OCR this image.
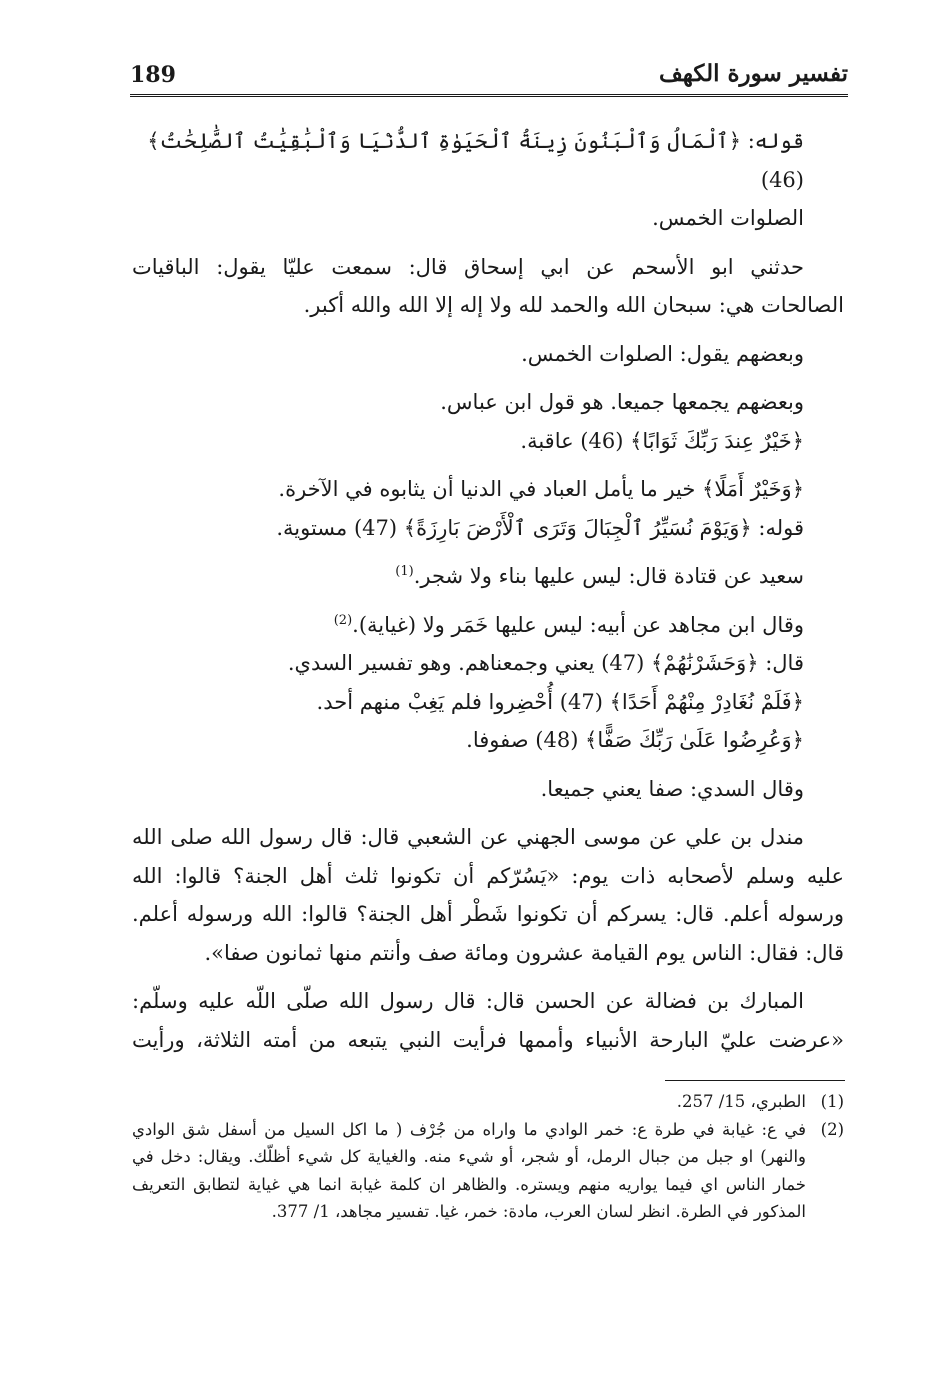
189	تفسير سورة الكهف

قوله: ﴿ٱلْمَالُ وَٱلْبَنُونَ زِينَةُ ٱلْحَيَوٰةِ ٱلدُّنْيَا وَٱلْبَٰقِيَٰتُ ٱلصَّٰلِحَٰتُ﴾ (46)

الصلوات الخمس.

حدثني ابو الأسحم عن ابي إسحاق قال: سمعت عليّا يقول: الباقيات

الصالحات هي: سبحان الله والحمد لله ولا إله إلا الله والله أكبر.

وبعضهم يقول: الصلوات الخمس.

وبعضهم يجمعها جميعا. هو قول ابن عباس.

﴿خَيْرٌ عِندَ رَبِّكَ ثَوَابًا﴾ (46) عاقبة.

﴿وَخَيْرٌ أَمَلًا﴾ خير ما يأمل العباد في الدنيا أن يثابوه في الآخرة.

قوله: ﴿وَيَوْمَ نُسَيِّرُ ٱلْجِبَالَ وَتَرَى ٱلْأَرْضَ بَارِزَةً﴾ (47) مستوية.

سعيد عن قتادة قال: ليس عليها بناء ولا شجر.$^{(1)}$

وقال ابن مجاهد عن أبيه: ليس عليها خَمَر ولا (غياية).$^{(2)}$

قال: ﴿وَحَشَرْنَٰهُمْ﴾ (47) يعني وجمعناهم. وهو تفسير السدي.

﴿فَلَمْ نُغَادِرْ مِنْهُمْ أَحَدًا﴾ (47) أُحْضِروا فلم يَغِبْ منهم أحد.

﴿وَعُرِضُوا عَلَىٰ رَبِّكَ صَفًّا﴾ (48) صفوفا.

وقال السدي: صفا يعني جميعا.

مندل بن علي عن موسى الجهني عن الشعبي قال: قال رسول الله صلى الله

عليه وسلم لأصحابه ذات يوم: «يَسُرّكم أن تكونوا ثلث أهل الجنة؟ قالوا: الله

ورسوله أعلم. قال: يسركم أن تكونوا شَطْر أهل الجنة؟ قالوا: الله ورسوله أعلم.

قال: فقال: الناس يوم القيامة عشرون ومائة صف وأنتم منها ثمانون صفا».

المبارك بن فضالة عن الحسن قال: قال رسول الله صلّى اللّه عليه وسلّم:

«عرضت عليّ البارحة الأنبياء وأممها فرأيت النبي يتبعه من أمته الثلاثة، ورأيت

(1)
الطبري، 15/ 257.
(2)
في ع: غيابة في طرة ع: خمر الوادي ما واراه من جُرْف ( ما اكل السيل من أسفل شق الوادي والنهر) او جبل من جبال الرمل، أو شجر، أو شيء منه. والغياية كل شيء أظلّك. ويقال: دخل في خمار الناس اي فيما يواريه منهم ويستره. والظاهر ان كلمة غيابة انما هي غياية لتطابق التعريف المذكور في الطرة. انظر لسان العرب، مادة: خمر، غيا. تفسير مجاهد، 1/ 377.
